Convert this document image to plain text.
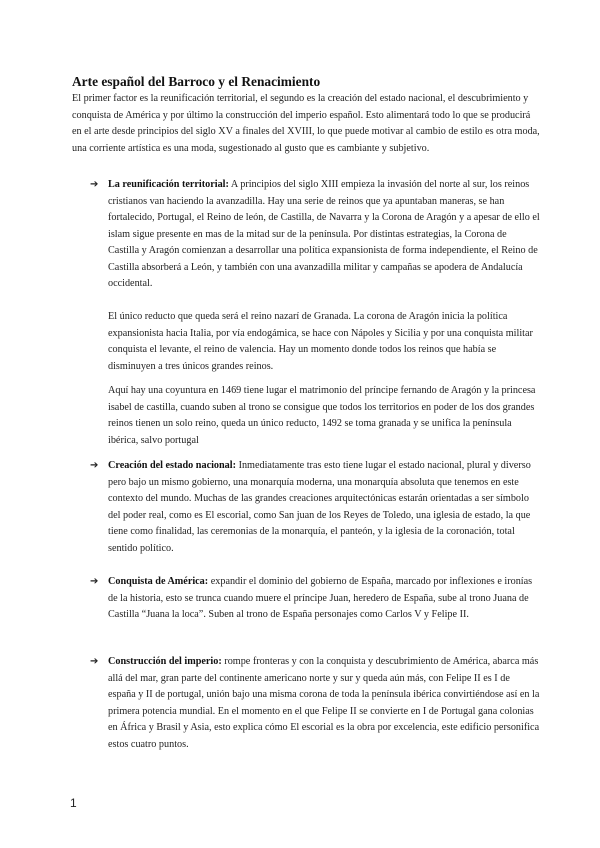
Arte español del Barroco y el Renacimiento

El primer factor es la reunificación territorial, el segundo es la creación del estado nacional, el descubrimiento y conquista de América y por último la construcción del imperio español. Esto alimentará todo lo que se producirá en el arte desde principios del siglo XV a finales del XVIII, lo que puede motivar al cambio de estilo es otra moda, una corriente artística es una moda, sugestionado al gusto que es cambiante y subjetivo.

➔ La reunificación territorial: A principios del siglo XIII empieza la invasión del norte al sur, los reinos cristianos van haciendo la avanzadilla. Hay una serie de reinos que ya apuntaban maneras, se han fortalecido, Portugal, el Reino de león, de Castilla, de Navarra y la Corona de Aragón y a apesar de ello el islam sigue presente en mas de la mitad sur de la península. Por distintas estrategias, la Corona de Castilla y Aragón comienzan a desarrollar una política expansionista de forma independiente, el Reino de Castilla absorberá a León, y también con una avanzadilla militar y campañas se apodera de Andalucía occidental.

El único reducto que queda será el reino nazarí de Granada. La corona de Aragón inicia la política expansionista hacia Italia, por vía endogámica, se hace con Nápoles y Sicilia y por una conquista militar conquista el levante, el reino de valencia. Hay un momento donde todos los reinos que había se disminuyen a tres únicos grandes reinos.

Aquí hay una coyuntura en 1469 tiene lugar el matrimonio del príncipe fernando de Aragón y la princesa isabel de castilla, cuando suben al trono se consigue que todos los territorios en poder de los dos grandes reinos tienen un solo reino, queda un único reducto, 1492 se toma granada y se unifica la península ibérica, salvo portugal

➔ Creación del estado nacional: Inmediatamente tras esto tiene lugar el estado nacional, plural y diverso pero bajo un mismo gobierno, una monarquía moderna, una monarquía absoluta que tenemos en este contexto del mundo. Muchas de las grandes creaciones arquitectónicas estarán orientadas a ser símbolo del poder real, como es El escorial, como San juan de los Reyes de Toledo, una iglesia de estado, la que tiene como finalidad, las ceremonias de la monarquía, el panteón, y la iglesia de la coronación, total sentido político.

➔ Conquista de América: expandir el dominio del gobierno de España, marcado por inflexiones e ironías de la historia, esto se trunca cuando muere el príncipe Juan, heredero de España, sube al trono Juana de Castilla “Juana la loca”. Suben al trono de España personajes como Carlos V y Felipe II.

➔ Construcción del imperio: rompe fronteras y con la conquista y descubrimiento de América, abarca más allá del mar, gran parte del continente americano norte y sur y queda aún más, con Felipe II es I de españa y II de portugal, unión bajo una misma corona de toda la península ibérica convirtiéndose así en la primera potencia mundial. En el momento en el que Felipe II se convierte en I de Portugal gana colonias en África y Brasil y Asia, esto explica cómo El escorial es la obra por excelencia, este edificio personifica estos cuatro puntos.

1
